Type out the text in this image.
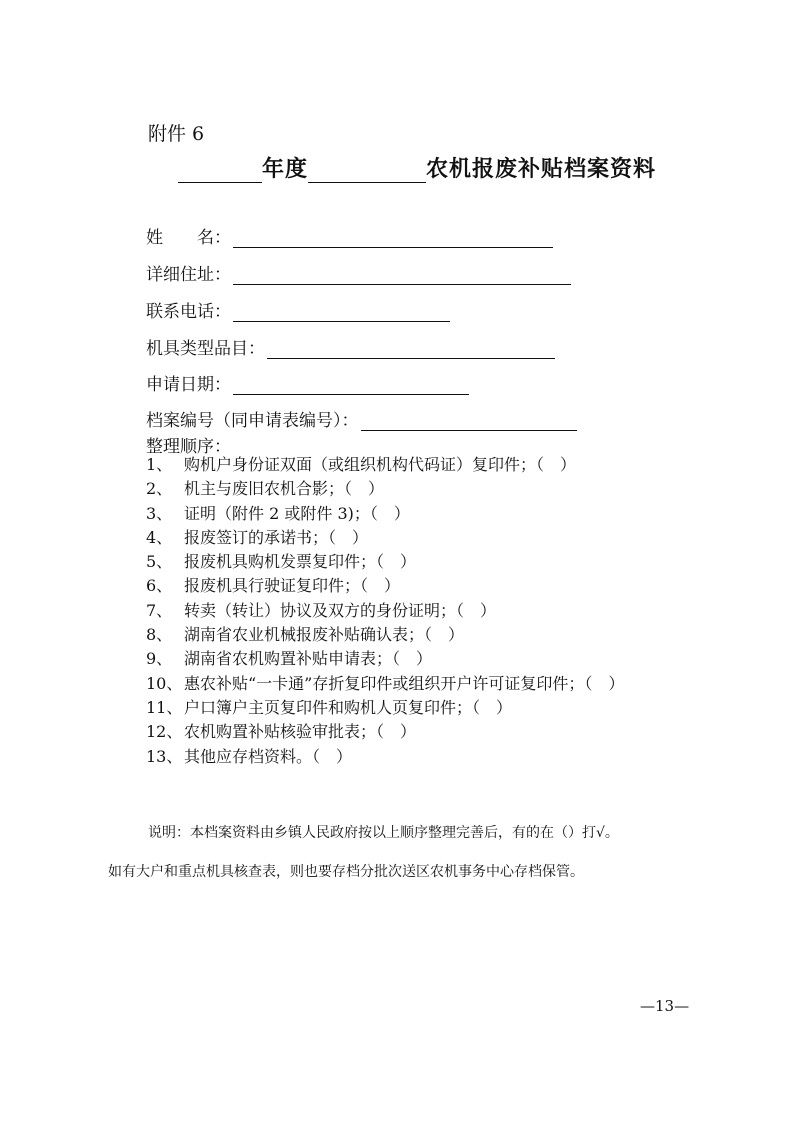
附件 6
年度	农机报废补贴档案资料
姓　　名：
详细住址：
联系电话：
机具类型品目：
申请日期：
档案编号（同申请表编号）：
整理顺序：
1、 购机户身份证双面（或组织机构代码证）复印件；（　）
2、 机主与废旧农机合影；（　）
3、 证明（附件 2 或附件 3)；（　）
4、 报废签订的承诺书；（　）
5、 报废机具购机发票复印件；（　）
6、 报废机具行驶证复印件；（　）
7、 转卖（转让）协议及双方的身份证明；（　）
8、 湖南省农业机械报废补贴确认表；（　）
9、 湖南省农机购置补贴申请表；（　）
10、 惠农补贴“一卡通”存折复印件或组织开户许可证复印件；（　）
11、 户口簿户主页复印件和购机人页复印件；（　）
12、 农机购置补贴核验审批表；（　）
13、 其他应存档资料。（　）
说明：本档案资料由乡镇人民政府按以上顺序整理完善后，有的在（）打√。
如有大户和重点机具核查表，则也要存档分批次送区农机事务中心存档保管。
—13—
